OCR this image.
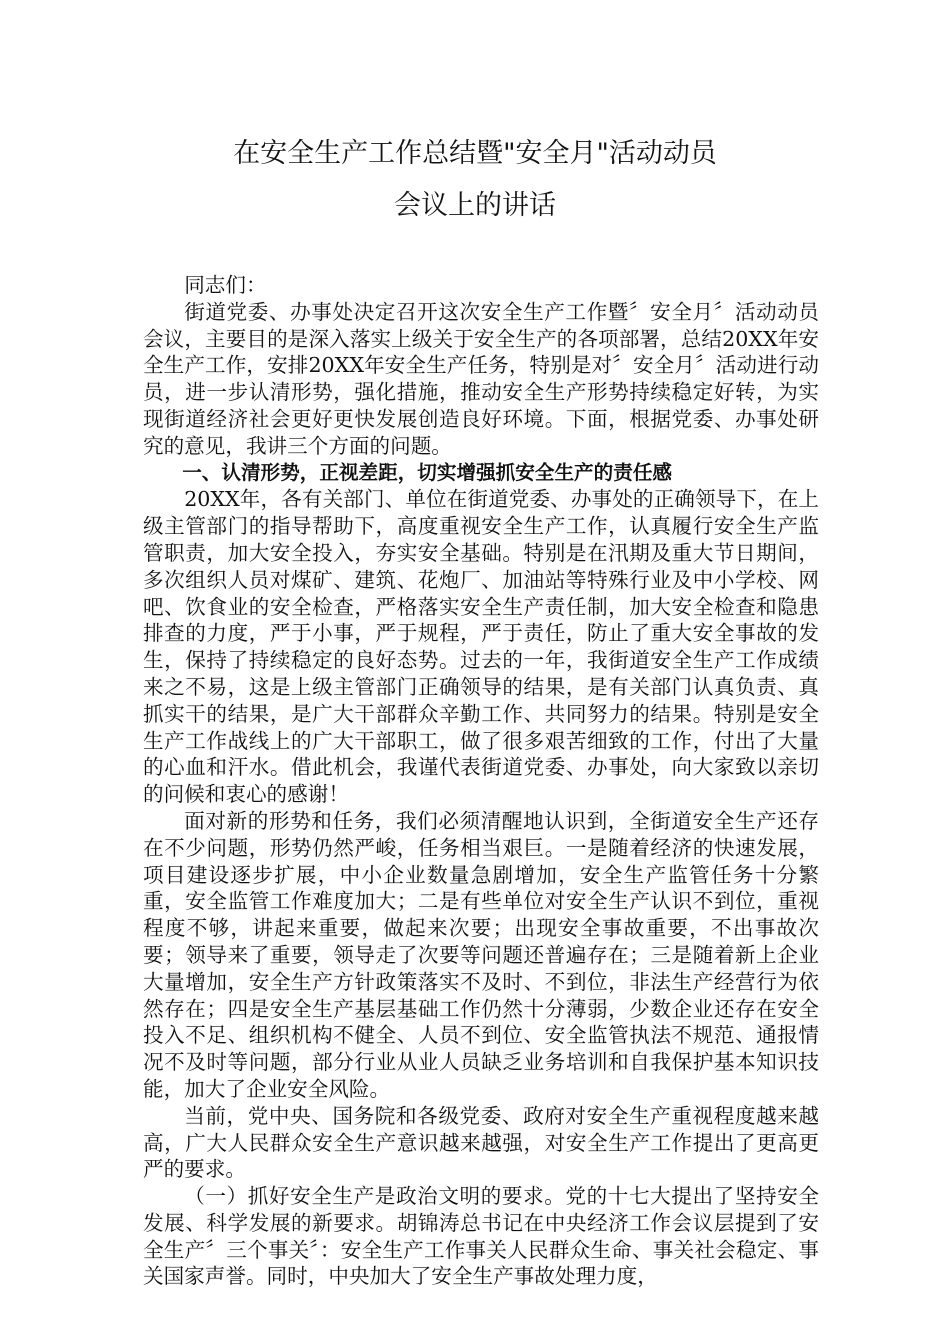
在安全生产工作总结暨"安全月"活动动员
会议上的讲话

同志们：

街道党委、办事处决定召开这次安全生产工作暨〞安全月〞活动动员会议，主要目的是深入落实上级关于安全生产的各项部署，总结20XX年安全生产工作，安排20XX年安全生产任务，特别是对〞安全月〞活动进行动员，进一步认清形势，强化措施，推动安全生产形势持续稳定好转，为实现街道经济社会更好更快发展创造良好环境。下面，根据党委、办事处研究的意见，我讲三个方面的问题。

一、认清形势，正视差距，切实增强抓安全生产的责任感

20XX年，各有关部门、单位在街道党委、办事处的正确领导下，在上级主管部门的指导帮助下，高度重视安全生产工作，认真履行安全生产监管职责，加大安全投入，夯实安全基础。特别是在汛期及重大节日期间，多次组织人员对煤矿、建筑、花炮厂、加油站等特殊行业及中小学校、网吧、饮食业的安全检查，严格落实安全生产责任制，加大安全检查和隐患排查的力度，严于小事，严于规程，严于责任，防止了重大安全事故的发生，保持了持续稳定的良好态势。过去的一年，我街道安全生产工作成绩来之不易，这是上级主管部门正确领导的结果，是有关部门认真负责、真抓实干的结果，是广大干部群众辛勤工作、共同努力的结果。特别是安全生产工作战线上的广大干部职工，做了很多艰苦细致的工作，付出了大量的心血和汗水。借此机会，我谨代表街道党委、办事处，向大家致以亲切的问候和衷心的感谢！

面对新的形势和任务，我们必须清醒地认识到，全街道安全生产还存在不少问题，形势仍然严峻，任务相当艰巨。一是随着经济的快速发展，项目建设逐步扩展，中小企业数量急剧增加，安全生产监管任务十分繁重，安全监管工作难度加大；二是有些单位对安全生产认识不到位，重视程度不够，讲起来重要，做起来次要；出现安全事故重要，不出事故次要；领导来了重要，领导走了次要等问题还普遍存在；三是随着新上企业大量增加，安全生产方针政策落实不及时、不到位，非法生产经营行为依然存在；四是安全生产基层基础工作仍然十分薄弱，少数企业还存在安全投入不足、组织机构不健全、人员不到位、安全监管执法不规范、通报情况不及时等问题，部分行业从业人员缺乏业务培训和自我保护基本知识技能，加大了企业安全风险。

当前，党中央、国务院和各级党委、政府对安全生产重视程度越来越高，广大人民群众安全生产意识越来越强，对安全生产工作提出了更高更严的要求。

（一）抓好安全生产是政治文明的要求。党的十七大提出了坚持安全发展、科学发展的新要求。胡锦涛总书记在中央经济工作会议层提到了安全生产〞三个事关〞：安全生产工作事关人民群众生命、事关社会稳定、事关国家声誉。同时，中央加大了安全生产事故处理力度，
